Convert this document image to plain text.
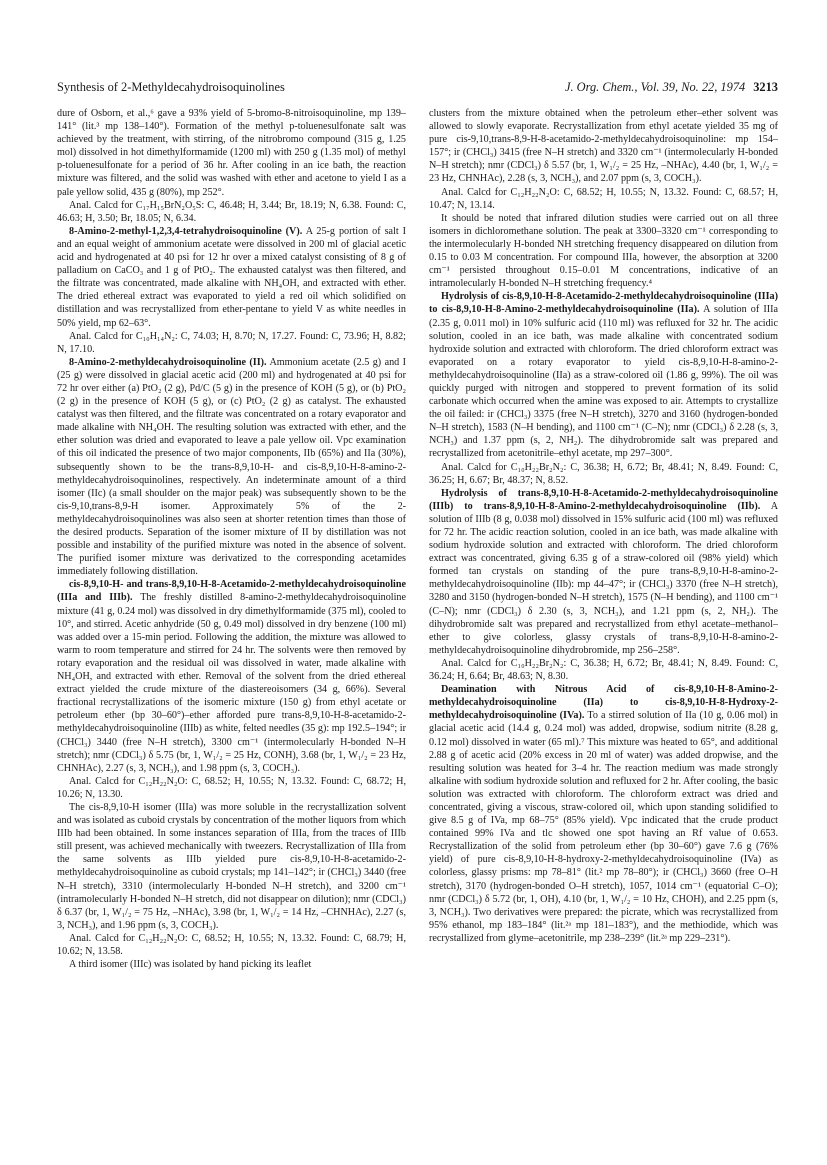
Synthesis of 2-Methyldecahydroisoquinolines	J. Org. Chem., Vol. 39, No. 22, 1974 3213

dure of Osborn, et al.,⁶ gave a 93% yield of 5-bromo-8-nitroisoquinoline, mp 139–141° (lit.³ mp 138–140°). Formation of the methyl p-toluenesulfonate salt was achieved by the treatment, with stirring, of the nitrobromo compound (315 g, 1.25 mol) dissolved in hot dimethylformamide (1200 ml) with 250 g (1.35 mol) of methyl p-toluenesulfonate for a period of 36 hr. After cooling in an ice bath, the reaction mixture was filtered, and the solid was washed with ether and acetone to yield I as a pale yellow solid, 435 g (80%), mp 252°.

Anal. Calcd for C₁₇H₁₅BrN₂O₅S: C, 46.48; H, 3.44; Br, 18.19; N, 6.38. Found: C, 46.63; H, 3.50; Br, 18.05; N, 6.34.

8-Amino-2-methyl-1,2,3,4-tetrahydroisoquinoline (V). A 25-g portion of salt I and an equal weight of ammonium acetate were dissolved in 200 ml of glacial acetic acid and hydrogenated at 40 psi for 12 hr over a mixed catalyst consisting of 8 g of palladium on CaCO₃ and 1 g of PtO₂. The exhausted catalyst was then filtered, and the filtrate was concentrated, made alkaline with NH₄OH, and extracted with ether. The dried ethereal extract was evaporated to yield a red oil which solidified on distillation and was recrystallized from ether-pentane to yield V as white needles in 50% yield, mp 62–63°.

Anal. Calcd for C₁₀H₁₄N₂: C, 74.03; H, 8.70; N, 17.27. Found: C, 73.96; H, 8.82; N, 17.10.

8-Amino-2-methyldecahydroisoquinoline (II). Ammonium acetate (2.5 g) and I (25 g) were dissolved in glacial acetic acid (200 ml) and hydrogenated at 40 psi for 72 hr over either (a) PtO₂ (2 g), Pd/C (5 g) in the presence of KOH (5 g), or (b) PtO₂ (2 g) in the presence of KOH (5 g), or (c) PtO₂ (2 g) as catalyst. The exhausted catalyst was then filtered, and the filtrate was concentrated on a rotary evaporator and made alkaline with NH₄OH. The resulting solution was extracted with ether, and the ether solution was dried and evaporated to leave a pale yellow oil. Vpc examination of this oil indicated the presence of two major components, IIb (65%) and IIa (30%), subsequently shown to be the trans-8,9,10-H- and cis-8,9,10-H-8-amino-2-methyldecahydroisoquinolines, respectively. An indeterminate amount of a third isomer (IIc) (a small shoulder on the major peak) was subsequently shown to be the cis-9,10,trans-8,9-H isomer. Approximately 5% of the 2-methyldecahydroisoquinolines was also seen at shorter retention times than those of the desired products. Separation of the isomer mixture of II by distillation was not possible and instability of the purified mixture was noted in the absence of solvent. The purified isomer mixture was derivatized to the corresponding acetamides immediately following distillation.

cis-8,9,10-H- and trans-8,9,10-H-8-Acetamido-2-methyldecahydroisoquinoline (IIIa and IIIb). The freshly distilled 8-amino-2-methyldecahydroisoquinoline mixture (41 g, 0.24 mol) was dissolved in dry dimethylformamide (375 ml), cooled to 10°, and stirred. Acetic anhydride (50 g, 0.49 mol) dissolved in dry benzene (100 ml) was added over a 15-min period. Following the addition, the mixture was allowed to warm to room temperature and stirred for 24 hr. The solvents were then removed by rotary evaporation and the residual oil was dissolved in water, made alkaline with NH₄OH, and extracted with ether. Removal of the solvent from the dried ethereal extract yielded the crude mixture of the diastereoisomers (34 g, 66%). Several fractional recrystallizations of the isomeric mixture (150 g) from ethyl acetate or petroleum ether (bp 30–60°)–ether afforded pure trans-8,9,10-H-8-acetamido-2-methyldecahydroisoquinoline (IIIb) as white, felted needles (35 g): mp 192.5–194°; ir (CHCl₃) 3440 (free N–H stretch), 3300 cm⁻¹ (intermolecularly H-bonded N–H stretch); nmr (CDCl₃) δ 5.75 (br, 1, W₁/₂ = 25 Hz, CONH), 3.68 (br, 1, W₁/₂ = 23 Hz, CHNHAc), 2.27 (s, 3, NCH₃), and 1.98 ppm (s, 3, COCH₃).

Anal. Calcd for C₁₂H₂₂N₂O: C, 68.52; H, 10.55; N, 13.32. Found: C, 68.72; H, 10.26; N, 13.30.

The cis-8,9,10-H isomer (IIIa) was more soluble in the recrystallization solvent and was isolated as cuboid crystals by concentration of the mother liquors from which IIIb had been obtained. In some instances separation of IIIa, from the traces of IIIb still present, was achieved mechanically with tweezers. Recrystallization of IIIa from the same solvents as IIIb yielded pure cis-8,9,10-H-8-acetamido-2-methyldecahydroisoquinoline as cuboid crystals; mp 141–142°; ir (CHCl₃) 3440 (free N–H stretch), 3310 (intermolecularly H-bonded N–H stretch), and 3200 cm⁻¹ (intramolecularly H-bonded N–H stretch, did not disappear on dilution); nmr (CDCl₃) δ 6.37 (br, 1, W₁/₂ = 75 Hz, –NHAc), 3.98 (br, 1, W₁/₂ = 14 Hz, –CHNHAc), 2.27 (s, 3, NCH₃), and 1.96 ppm (s, 3, COCH₃).

Anal. Calcd for C₁₂H₂₂N₂O: C, 68.52; H, 10.55; N, 13.32. Found: C, 68.79; H, 10.62; N, 13.58.

A third isomer (IIIc) was isolated by hand picking its leaflet

clusters from the mixture obtained when the petroleum ether–ether solvent was allowed to slowly evaporate. Recrystallization from ethyl acetate yielded 35 mg of pure cis-9,10,trans-8,9-H-8-acetamido-2-methyldecahydroisoquinoline: mp 154–157°; ir (CHCl₃) 3415 (free N–H stretch) and 3320 cm⁻¹ (intermolecularly H-bonded N–H stretch); nmr (CDCl₃) δ 5.57 (br, 1, W₁/₂ = 25 Hz, –NHAc), 4.40 (br, 1, W₁/₂ = 23 Hz, CHNHAc), 2.28 (s, 3, NCH₃), and 2.07 ppm (s, 3, COCH₃).

Anal. Calcd for C₁₂H₂₂N₂O: C, 68.52; H, 10.55; N, 13.32. Found: C, 68.57; H, 10.47; N, 13.14.

It should be noted that infrared dilution studies were carried out on all three isomers in dichloromethane solution. The peak at 3300–3320 cm⁻¹ corresponding to the intermolecularly H-bonded NH stretching frequency disappeared on dilution from 0.15 to 0.03 M concentration. For compound IIIa, however, the absorption at 3200 cm⁻¹ persisted throughout 0.15–0.01 M concentrations, indicative of an intramolecularly H-bonded N–H stretching frequency.⁴

Hydrolysis of cis-8,9,10-H-8-Acetamido-2-methyldecahydroisoquinoline (IIIa) to cis-8,9,10-H-8-Amino-2-methyldecahydroisoquinoline (IIa). A solution of IIIa (2.35 g, 0.011 mol) in 10% sulfuric acid (110 ml) was refluxed for 32 hr. The acidic solution, cooled in an ice bath, was made alkaline with concentrated sodium hydroxide solution and extracted with chloroform. The dried chloroform extract was evaporated on a rotary evaporator to yield cis-8,9,10-H-8-amino-2-methyldecahydroisoquinoline (IIa) as a straw-colored oil (1.86 g, 99%). The oil was quickly purged with nitrogen and stoppered to prevent formation of its solid carbonate which occurred when the amine was exposed to air. Attempts to crystallize the oil failed: ir (CHCl₃) 3375 (free N–H stretch), 3270 and 3160 (hydrogen-bonded N–H stretch), 1583 (N–H bending), and 1100 cm⁻¹ (C–N); nmr (CDCl₃) δ 2.28 (s, 3, NCH₃) and 1.37 ppm (s, 2, NH₂). The dihydrobromide salt was prepared and recrystallized from acetonitrile–ethyl acetate, mp 297–300°.

Anal. Calcd for C₁₀H₂₂Br₂N₂: C, 36.38; H, 6.72; Br, 48.41; N, 8.49. Found: C, 36.25; H, 6.67; Br, 48.37; N, 8.52.

Hydrolysis of trans-8,9,10-H-8-Acetamido-2-methyldecahydroisoquinoline (IIIb) to trans-8,9,10-H-8-Amino-2-methyldecahydroisoquinoline (IIb). A solution of IIIb (8 g, 0.038 mol) dissolved in 15% sulfuric acid (100 ml) was refluxed for 72 hr. The acidic reaction solution, cooled in an ice bath, was made alkaline with sodium hydroxide solution and extracted with chloroform. The dried chloroform extract was concentrated, giving 6.35 g of a straw-colored oil (98% yield) which formed tan crystals on standing of the pure trans-8,9,10-H-8-amino-2-methyldecahydroisoquinoline (IIb): mp 44–47°; ir (CHCl₃) 3370 (free N–H stretch), 3280 and 3150 (hydrogen-bonded N–H stretch), 1575 (N–H bending), and 1100 cm⁻¹ (C–N); nmr (CDCl₃) δ 2.30 (s, 3, NCH₃), and 1.21 ppm (s, 2, NH₂). The dihydrobromide salt was prepared and recrystallized from ethyl acetate–methanol–ether to give colorless, glassy crystals of trans-8,9,10-H-8-amino-2-methyldecahydroisoquinoline dihydrobromide, mp 256–258°.

Anal. Calcd for C₁₀H₂₂Br₂N₂: C, 36.38; H, 6.72; Br, 48.41; N, 8.49. Found: C, 36.24; H, 6.64; Br, 48.63; N, 8.30.

Deamination with Nitrous Acid of cis-8,9,10-H-8-Amino-2-methyldecahydroisoquinoline (IIa) to cis-8,9,10-H-8-Hydroxy-2-methyldecahydroisoquinoline (IVa). To a stirred solution of IIa (10 g, 0.06 mol) in glacial acetic acid (14.4 g, 0.24 mol) was added, dropwise, sodium nitrite (8.28 g, 0.12 mol) dissolved in water (65 ml).⁷ This mixture was heated to 65°, and additional 2.88 g of acetic acid (20% excess in 20 ml of water) was added dropwise, and the resulting solution was heated for 3–4 hr. The reaction medium was made strongly alkaline with sodium hydroxide solution and refluxed for 2 hr. After cooling, the basic solution was extracted with chloroform. The chloroform extract was dried and concentrated, giving a viscous, straw-colored oil, which upon standing solidified to give 8.5 g of IVa, mp 68–75° (85% yield). Vpc indicated that the crude product contained 99% IVa and tlc showed one spot having an Rf value of 0.653. Recrystallization of the solid from petroleum ether (bp 30–60°) gave 7.6 g (76% yield) of pure cis-8,9,10-H-8-hydroxy-2-methyldecahydroisoquinoline (IVa) as colorless, glassy prisms: mp 78–81° (lit.² mp 78–80°); ir (CHCl₃) 3660 (free O–H stretch), 3170 (hydrogen-bonded O–H stretch), 1057, 1014 cm⁻¹ (equatorial C–O); nmr (CDCl₃) δ 5.72 (br, 1, OH), 4.10 (br, 1, W₁/₂ = 10 Hz, CHOH), and 2.25 ppm (s, 3, NCH₃). Two derivatives were prepared: the picrate, which was recrystallized from 95% ethanol, mp 183–184° (lit.²ᵃ mp 181–183°), and the methiodide, which was recrystallized from glyme–acetonitrile, mp 238–239° (lit.²ᵃ mp 229–231°).
